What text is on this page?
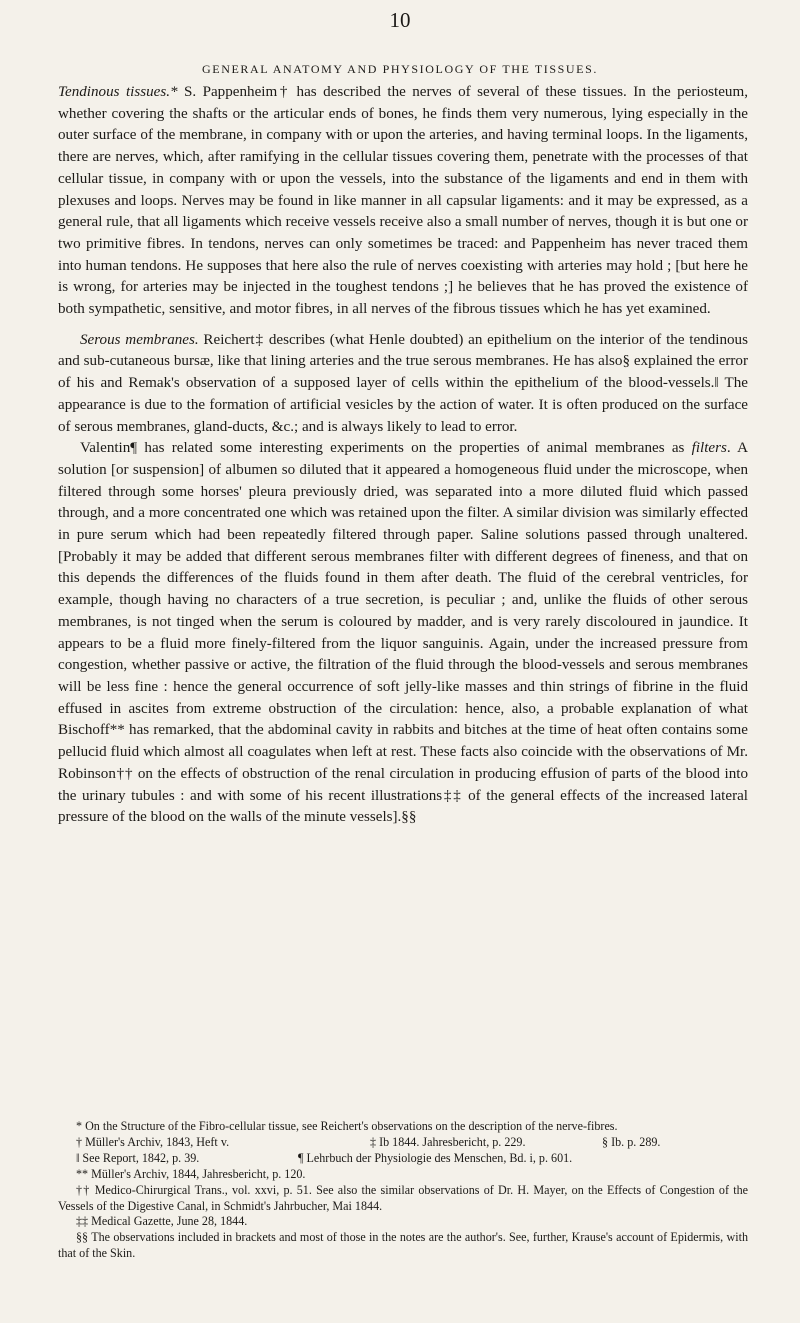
10
GENERAL ANATOMY AND PHYSIOLOGY OF THE TISSUES.

Tendinous tissues.* S. Pappenheim† has described the nerves of several of these tissues. In the periosteum, whether covering the shafts or the articular ends of bones, he finds them very numerous, lying especially in the outer surface of the membrane, in company with or upon the arteries, and having terminal loops. In the ligaments, there are nerves, which, after ramifying in the cellular tissues covering them, penetrate with the processes of that cellular tissue, in company with or upon the vessels, into the substance of the ligaments and end in them with plexuses and loops. Nerves may be found in like manner in all capsular ligaments: and it may be expressed, as a general rule, that all ligaments which receive vessels receive also a small number of nerves, though it is but one or two primitive fibres. In tendons, nerves can only sometimes be traced: and Pappenheim has never traced them into human tendons. He supposes that here also the rule of nerves coexisting with arteries may hold ; [but here he is wrong, for arteries may be injected in the toughest tendons ;] he believes that he has proved the existence of both sympathetic, sensitive, and motor fibres, in all nerves of the fibrous tissues which he has yet examined.

Serous membranes. Reichert‡ describes (what Henle doubted) an epithelium on the interior of the tendinous and sub-cutaneous bursæ, like that lining arteries and the true serous membranes. He has also§ explained the error of his and Remak's observation of a supposed layer of cells within the epithelium of the blood-vessels.‖ The appearance is due to the formation of artificial vesicles by the action of water. It is often produced on the surface of serous membranes, gland-ducts, &c.; and is always likely to lead to error.

Valentin¶ has related some interesting experiments on the properties of animal membranes as filters. A solution [or suspension] of albumen so diluted that it appeared a homogeneous fluid under the microscope, when filtered through some horses' pleura previously dried, was separated into a more diluted fluid which passed through, and a more concentrated one which was retained upon the filter. A similar division was similarly effected in pure serum which had been repeatedly filtered through paper. Saline solutions passed through unaltered. [Probably it may be added that different serous membranes filter with different degrees of fineness, and that on this depends the differences of the fluids found in them after death. The fluid of the cerebral ventricles, for example, though having no characters of a true secretion, is peculiar ; and, unlike the fluids of other serous membranes, is not tinged when the serum is coloured by madder, and is very rarely discoloured in jaundice. It appears to be a fluid more finely-filtered from the liquor sanguinis. Again, under the increased pressure from congestion, whether passive or active, the filtration of the fluid through the blood-vessels and serous membranes will be less fine : hence the general occurrence of soft jelly-like masses and thin strings of fibrine in the fluid effused in ascites from extreme obstruction of the circulation: hence, also, a probable explanation of what Bischoff** has remarked, that the abdominal cavity in rabbits and bitches at the time of heat often contains some pellucid fluid which almost all coagulates when left at rest. These facts also coincide with the observations of Mr. Robinson†† on the effects of obstruction of the renal circulation in producing effusion of parts of the blood into the urinary tubules : and with some of his recent illustrations‡‡ of the general effects of the increased lateral pressure of the blood on the walls of the minute vessels].§§

* On the Structure of the Fibro-cellular tissue, see Reichert's observations on the description of the nerve-fibres.

† Müller's Archiv, 1843, Heft v.	‡ Ib 1844. Jahresbericht, p. 229.	§ Ib. p. 289.
‖ See Report, 1842, p. 39.	¶ Lehrbuch der Physiologie des Menschen, Bd. i, p. 601.

** Müller's Archiv, 1844, Jahresbericht, p. 120.

†† Medico-Chirurgical Trans., vol. xxvi, p. 51. See also the similar observations of Dr. H. Mayer, on the Effects of Congestion of the Vessels of the Digestive Canal, in Schmidt's Jahrbucher, Mai 1844.

‡‡ Medical Gazette, June 28, 1844.

§§ The observations included in brackets and most of those in the notes are the author's. See, further, Krause's account of Epidermis, with that of the Skin.
